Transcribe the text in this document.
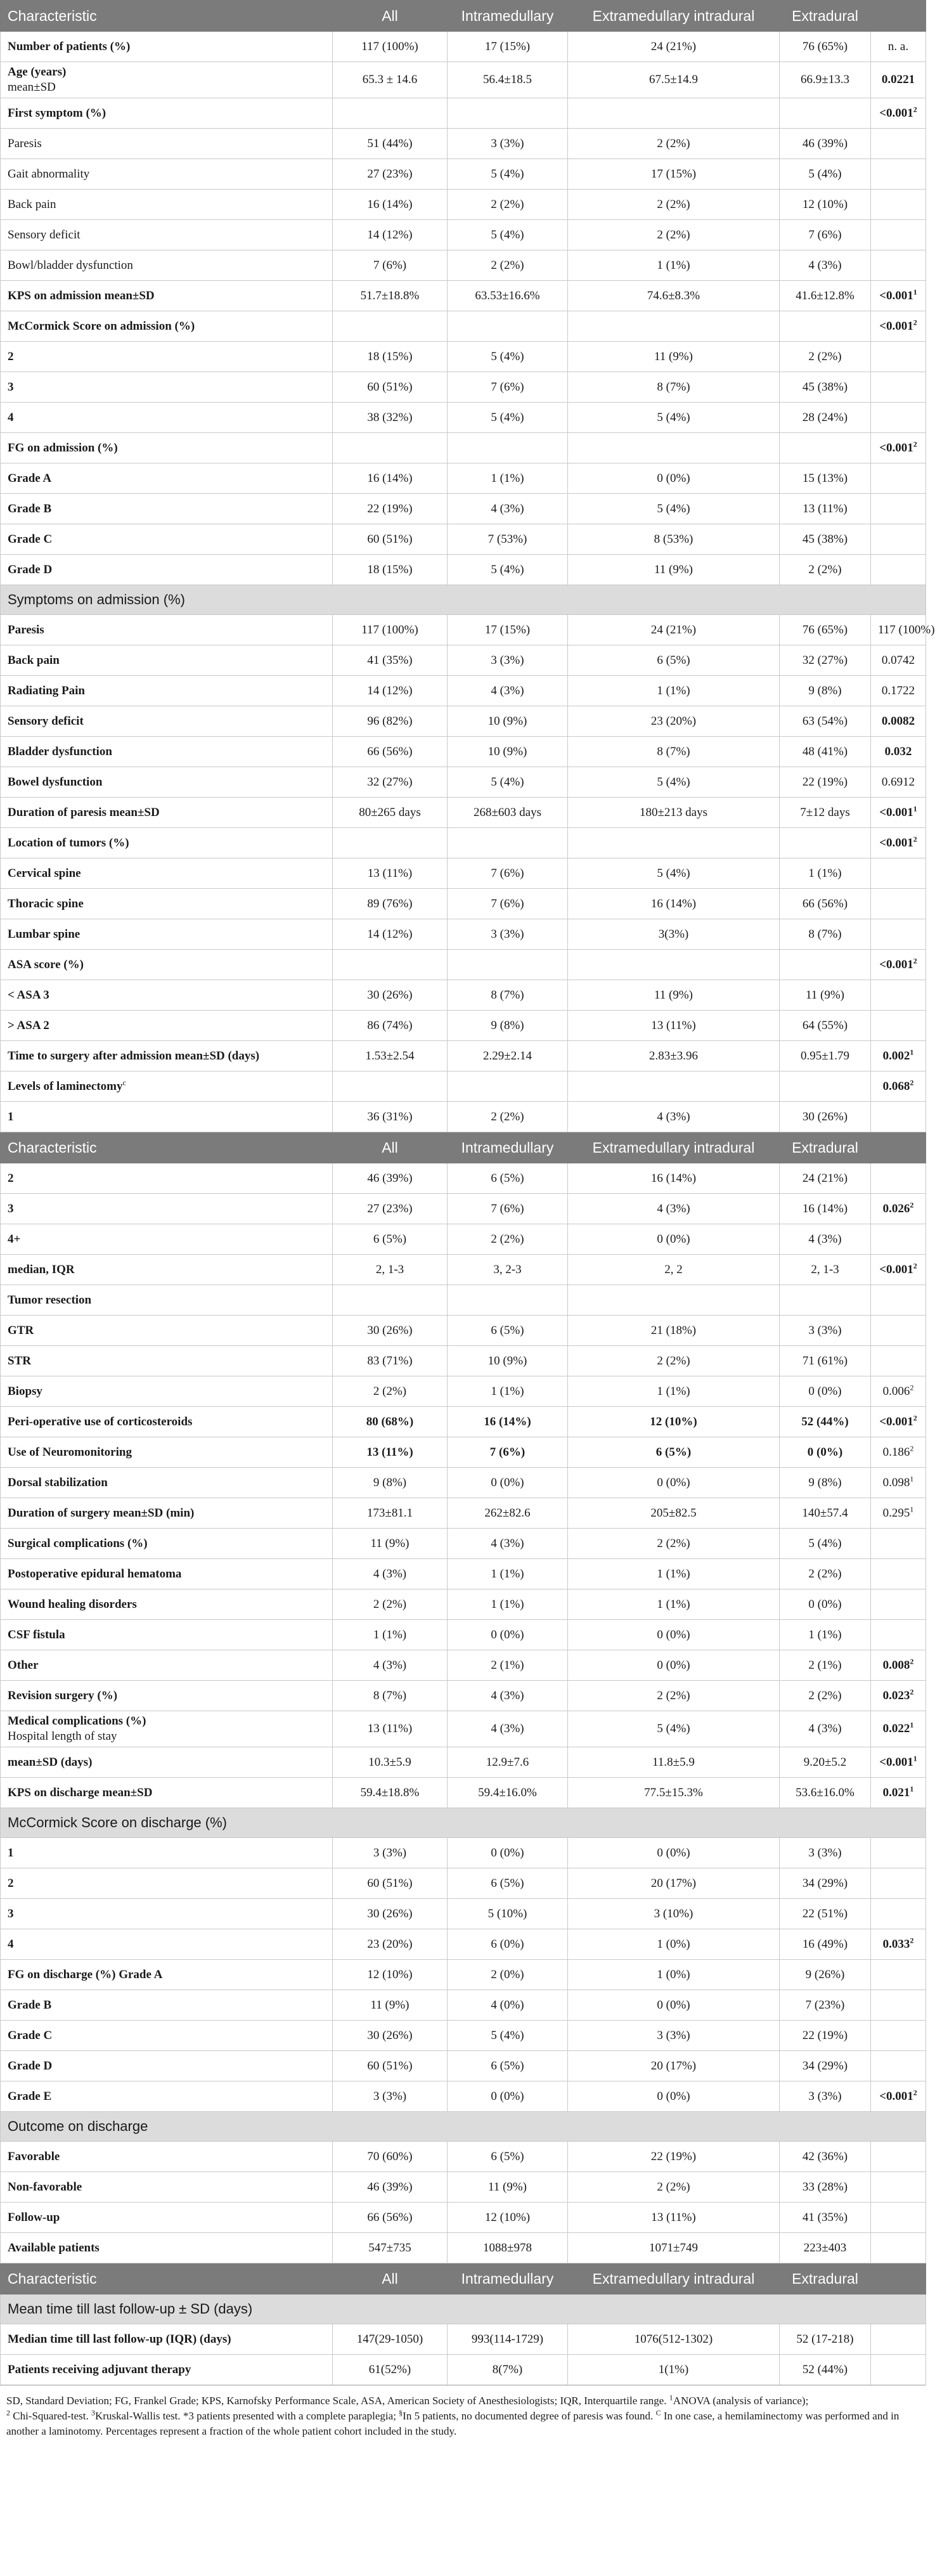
Characteristic	All	Intramedullary	Extramedullary intradural	Extradural	
Number of patients (%)	117 (100%)	17 (15%)	24 (21%)	76 (65%)	n. a.
Age (years)
mean±SD	65.3 ± 14.6	56.4±18.5	67.5±14.9	66.9±13.3	0.0221
First symptom (%)					$<0.001^2$
Paresis	51 (44%)	3 (3%)	2 (2%)	46 (39%)	
Gait abnormality	27 (23%)	5 (4%)	17 (15%)	5 (4%)	
Back pain	16 (14%)	2 (2%)	2 (2%)	12 (10%)	
Sensory deficit	14 (12%)	5 (4%)	2 (2%)	7 (6%)	
Bowl/bladder dysfunction	7 (6%)	2 (2%)	1 (1%)	4 (3%)	
KPS on admission mean±SD	51.7±18.8%	63.53±16.6%	74.6±8.3%	41.6±12.8%	$<0.001^1$
McCormick Score on admission (%)					$<0.001^2$
2	18 (15%)	5 (4%)	11 (9%)	2 (2%)	
3	60 (51%)	7 (6%)	8 (7%)	45 (38%)	
4	38 (32%)	5 (4%)	5 (4%)	28 (24%)	
FG on admission (%)					$<0.001^2$
Grade A	16 (14%)	1 (1%)	0 (0%)	15 (13%)	
Grade B	22 (19%)	4 (3%)	5 (4%)	13 (11%)	
Grade C	60 (51%)	7 (53%)	8 (53%)	45 (38%)	
Grade D	18 (15%)	5 (4%)	11 (9%)	2 (2%)	
Symptoms on admission (%)					
Paresis	117 (100%)	17 (15%)	24 (21%)	76 (65%)	117 (100%)
Back pain	41 (35%)	3 (3%)	6 (5%)	32 (27%)	0.0742
Radiating Pain	14 (12%)	4 (3%)	1 (1%)	9 (8%)	0.1722
Sensory deficit	96 (82%)	10 (9%)	23 (20%)	63 (54%)	0.0082
Bladder dysfunction	66 (56%)	10 (9%)	8 (7%)	48 (41%)	0.032
Bowel dysfunction	32 (27%)	5 (4%)	5 (4%)	22 (19%)	0.6912
Duration of paresis mean±SD	80±265 days	268±603 days	180±213 days	7±12 days	$<0.001^1$
Location of tumors (%)					$<0.001^2$
Cervical spine	13 (11%)	7 (6%)	5 (4%)	1 (1%)	
Thoracic spine	89 (76%)	7 (6%)	16 (14%)	66 (56%)	
Lumbar spine	14 (12%)	3 (3%)	3(3%)	8 (7%)	
ASA score (%)					$<0.001^2$
< ASA 3	30 (26%)	8 (7%)	11 (9%)	11 (9%)	
> ASA 2	86 (74%)	9 (8%)	13 (11%)	64 (55%)	
Time to surgery after admission mean±SD (days)	1.53±2.54	2.29±2.14	2.83±3.96	0.95±1.79	0.002$^1$
Levels of laminectomy$^c$					0.068$^2$
1	36 (31%)	2 (2%)	4 (3%)	30 (26%)	
Characteristic	All	Intramedullary	Extramedullary intradural	Extradural	
2	46 (39%)	6 (5%)	16 (14%)	24 (21%)	
3	27 (23%)	7 (6%)	4 (3%)	16 (14%)	0.026$^2$
4+	6 (5%)	2 (2%)	0 (0%)	4 (3%)	
median, IQR	2, 1-3	3, 2-3	2, 2	2, 1-3	$<0.001^2$
Tumor resection					
GTR	30 (26%)	6 (5%)	21 (18%)	3 (3%)	
STR	83 (71%)	10 (9%)	2 (2%)	71 (61%)	
Biopsy	2 (2%)	1 (1%)	1 (1%)	0 (0%)	0.006$^2$
Peri-operative use of corticosteroids	80 (68%)	16 (14%)	12 (10%)	52 (44%)	$<0.001^2$
Use of Neuromonitoring	13 (11%)	7 (6%)	6 (5%)	0 (0%)	0.186$^2$
Dorsal stabilization	9 (8%)	0 (0%)	0 (0%)	9 (8%)	0.098$^1$
Duration of surgery mean±SD (min)	173±81.1	262±82.6	205±82.5	140±57.4	0.295$^1$
Surgical complications (%)	11 (9%)	4 (3%)	2 (2%)	5 (4%)	
Postoperative epidural hematoma	4 (3%)	1 (1%)	1 (1%)	2 (2%)	
Wound healing disorders	2 (2%)	1 (1%)	1 (1%)	0 (0%)	
CSF fistula	1 (1%)	0 (0%)	0 (0%)	1 (1%)	
Other	4 (3%)	2 (1%)	0 (0%)	2 (1%)	0.008$^2$
Revision surgery (%)	8 (7%)	4 (3%)	2 (2%)	2 (2%)	0.023$^2$
Medical complications (%)
Hospital length of stay	13 (11%)	4 (3%)	5 (4%)	4 (3%)	0.022$^1$
mean±SD (days)	10.3±5.9	12.9±7.6	11.8±5.9	9.20±5.2	$<0.001^1$
KPS on discharge mean±SD	59.4±18.8%	59.4±16.0%	77.5±15.3%	53.6±16.0%	0.021$^1$
McCormick Score on discharge (%)					
1	3 (3%)	0 (0%)	0 (0%)	3 (3%)	
2	60 (51%)	6 (5%)	20 (17%)	34 (29%)	
3	30 (26%)	5 (10%)	3 (10%)	22 (51%)	
4	23 (20%)	6 (0%)	1 (0%)	16 (49%)	0.033$^2$
FG on discharge (%) Grade A	12 (10%)	2 (0%)	1 (0%)	9 (26%)	
Grade B	11 (9%)	4 (0%)	0 (0%)	7 (23%)	
Grade C	30 (26%)	5 (4%)	3 (3%)	22 (19%)	
Grade D	60 (51%)	6 (5%)	20 (17%)	34 (29%)	
Grade E	3 (3%)	0 (0%)	0 (0%)	3 (3%)	$<0.001^2$
Outcome on discharge					
Favorable	70 (60%)	6 (5%)	22 (19%)	42 (36%)	
Non-favorable	46 (39%)	11 (9%)	2 (2%)	33 (28%)	
Follow-up	66 (56%)	12 (10%)	13 (11%)	41 (35%)	
Available patients	547±735	1088±978	1071±749	223±403	
Characteristic	All	Intramedullary	Extramedullary intradural	Extradural	
Mean time till last follow-up ± SD (days)					
Median time till last follow-up (IQR) (days)	147(29-1050)	993(114-1729)	1076(512-1302)	52 (17-218)	
Patients receiving adjuvant therapy	61(52%)	8(7%)	1(1%)	52 (44%)	
SD, Standard Deviation; FG, Frankel Grade; KPS, Karnofsky Performance Scale, ASA, American Society of Anesthesiologists; IQR, Interquartile range. $^1$ANOVA (analysis of variance);
$^2$ Chi-Squared-test. $^3$Kruskal-Wallis test. *3 patients presented with a complete paraplegia; §In 5 patients, no documented degree of paresis was found. $^C$ In one case, a hemilaminectomy was performed and in another a laminotomy. Percentages represent a fraction of the whole patient cohort included in the study.
